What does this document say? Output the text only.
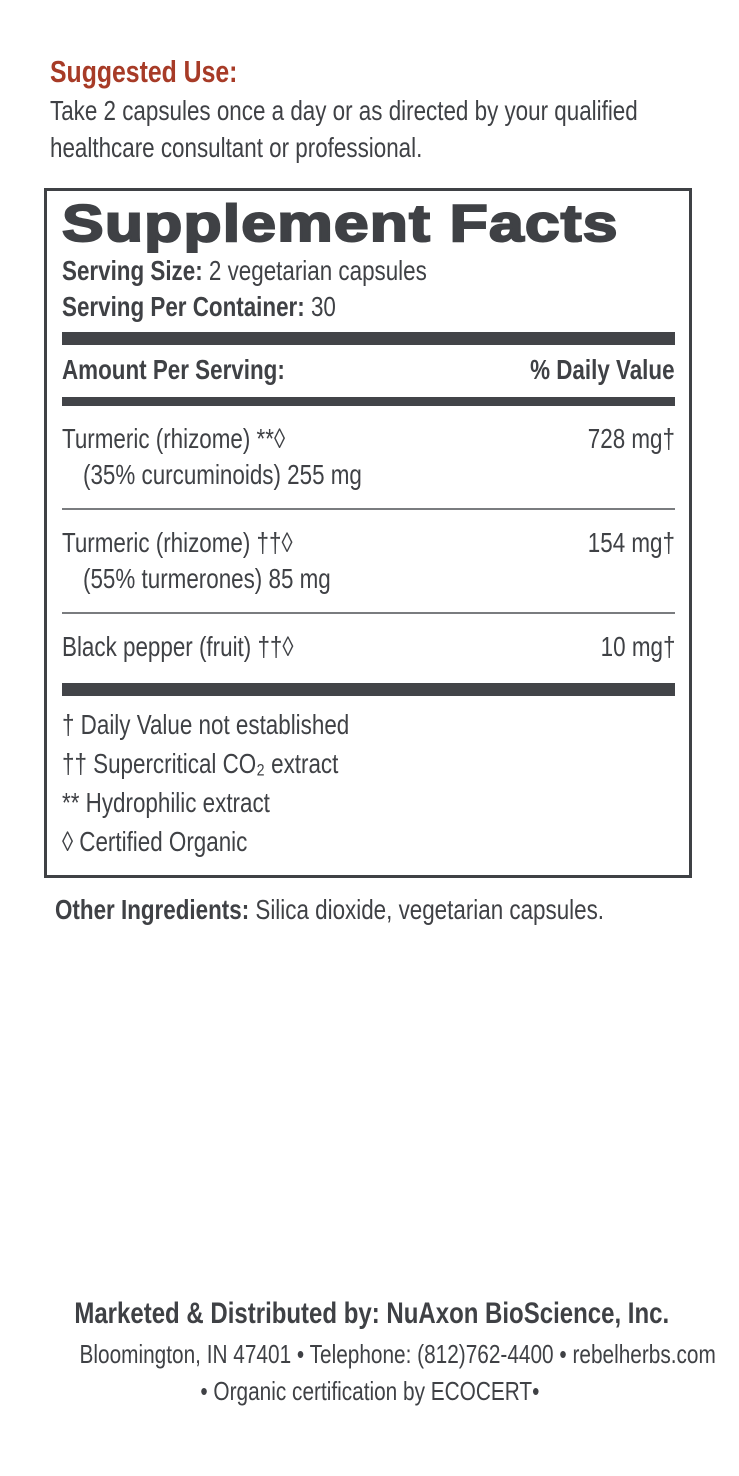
Suggested Use:
Take 2 capsules once a day or as directed by your qualified
healthcare consultant or professional.
Supplement Facts
Serving Size: 2 vegetarian capsules
Serving Per Container: 30
Amount Per Serving:	% Daily Value
Turmeric (rhizome) **◊	728 mg†
(35% curcuminoids) 255 mg
Turmeric (rhizome) ††◊	154 mg†
(55% turmerones) 85 mg
Black pepper (fruit) ††◊	10 mg†
† Daily Value not established
†† Supercritical CO₂ extract
** Hydrophilic extract
◊ Certified Organic
Other Ingredients: Silica dioxide, vegetarian capsules.
Marketed & Distributed by: NuAxon BioScience, Inc.
Bloomington, IN 47401 • Telephone: (812)762-4400 • rebelherbs.com
• Organic certification by ECOCERT•
